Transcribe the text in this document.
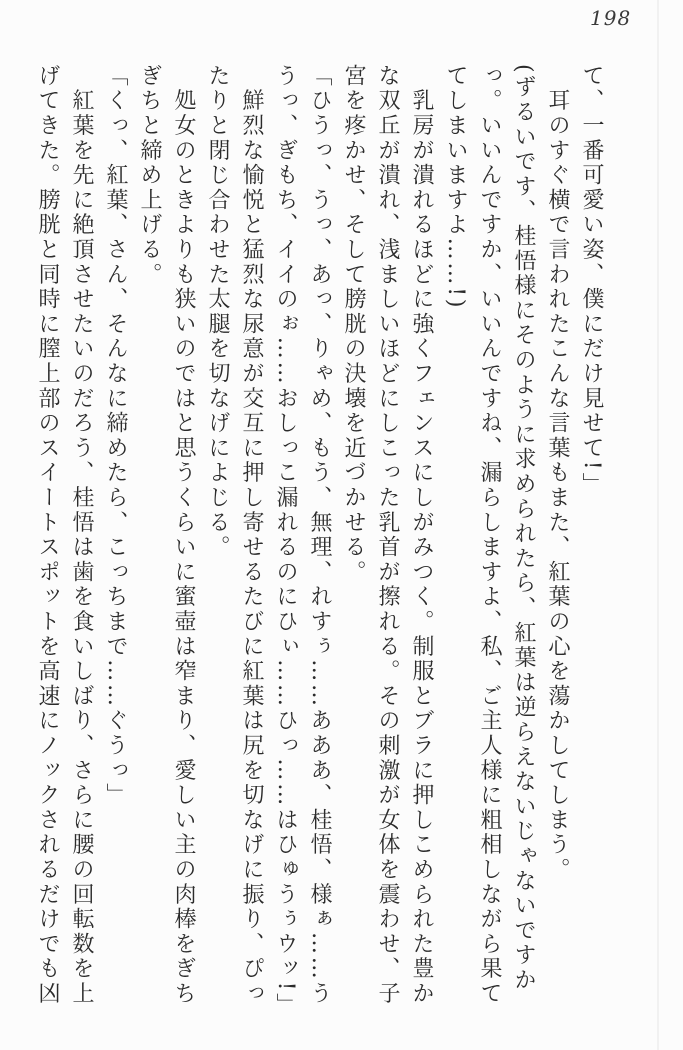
198

て、一番可愛い姿、僕にだけ見せて!」

　耳のすぐ横で言われたこんな言葉もまた、紅葉の心を蕩かしてしまう。

(ずるいです、桂悟様にそのように求められたら、紅葉は逆らえないじゃないですかっ。いいんですか、いいんですね、漏らしますよ、私、ご主人様に粗相しながら果ててしまいますよ……!)

　乳房が潰れるほどに強くフェンスにしがみつく。制服とブラに押しこめられた豊かな双丘が潰れ、浅ましいほどにしこった乳首が擦れる。その刺激が女体を震わせ、子宮を疼かせ、そして膀胱の決壊を近づかせる。

「ひうっ、うっ、あっ、りゃめ、もう、無理、れすぅ……あああ、桂悟、様ぁ……ううっ、ぎもち、イイのぉ……おしっこ漏れるのにひぃ……ひっ……はひゅうぅウッ!」

　鮮烈な愉悦と猛烈な尿意が交互に押し寄せるたびに紅葉は尻を切なげに振り、ぴったりと閉じ合わせた太腿を切なげによじる。

　処女のときよりも狭いのではと思うくらいに蜜壺は窄まり、愛しい主の肉棒をぎちぎちと締め上げる。

「くっ、紅葉、さん、そんなに締めたら、こっちまで……ぐうっ」

　紅葉を先に絶頂させたいのだろう、桂悟は歯を食いしばり、さらに腰の回転数を上げてきた。膀胱と同時に膣上部のスイートスポットを高速にノックされるだけでも凶
